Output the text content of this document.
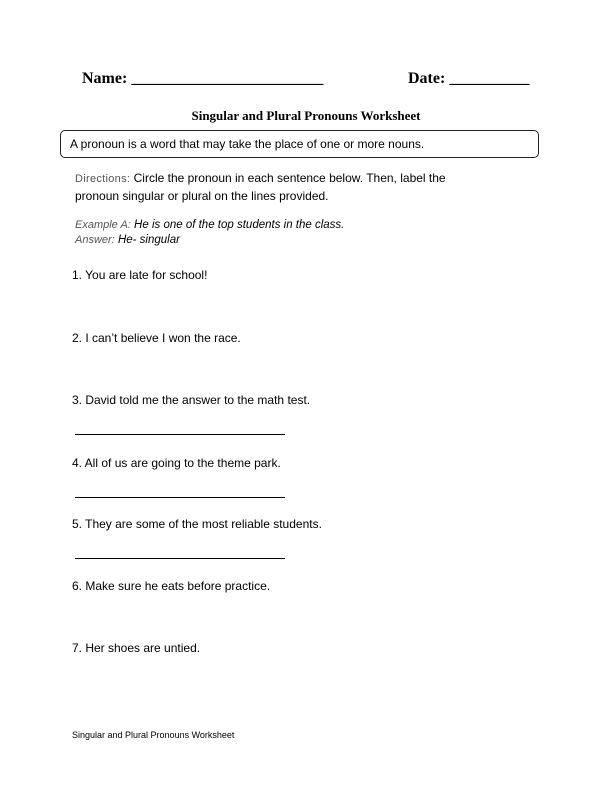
Name: ________________________	Date: __________
Singular and Plural Pronouns Worksheet
A pronoun is a word that may take the place of one or more nouns.
Directions: Circle the pronoun in each sentence below. Then, label the
pronoun singular or plural on the lines provided.
Example A: He is one of the top students in the class.
Answer: He- singular
1. You are late for school!
2. I can’t believe I won the race.
3. David told me the answer to the math test.
4. All of us are going to the theme park.
5. They are some of the most reliable students.
6. Make sure he eats before practice.
7. Her shoes are untied.
Singular and Plural Pronouns Worksheet
